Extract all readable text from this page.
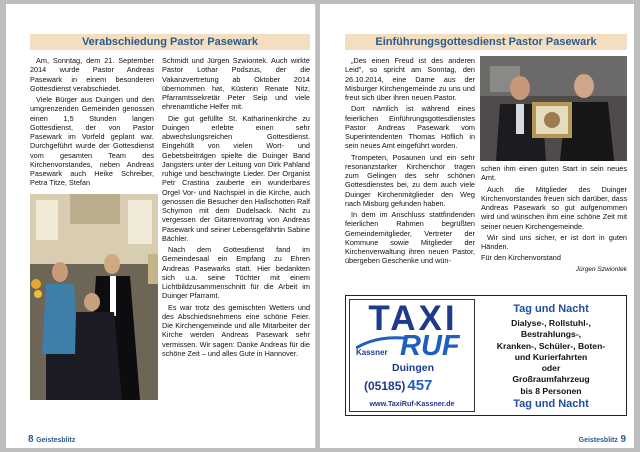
Verabschiedung Pastor Pasewark

Am, Sonntag, dem 21. September 2014 wurde Pastor Andreas Pasewark in einem besonderen Gottesdienst verabschiedet.

Viele Bürger aus Duingen und den umgrenzenden Gemeinden genossen einen 1,5 Stunden langen Gottesdienst, der von Pastor Pasewark im Vorfeld geplant war. Durchgeführt wurde der Gottesdienst vom gesamten Team des Kirchenvorstandes, neben Andreas Pasewark auch Heike Schreiber, Petra Titze, Stefan

Schmidt und Jürgen Szwiontek. Auch wirkte Pastor Lothar Podszus, der die Vakanzvertretung ab Oktober 2014 übernommen hat, Küsterin Renate Nitz, Pfarramtssekretär Peter Seip und viele ehrenamtliche Helfer mit.

Die gut gefüllte St. Katharinenkirche zu Duingen erlebte einen sehr abwechslungsreichen Gottesdienst. Eingehüllt von vielen Wort- und Gebetsbeiträgen spielte die Duinger Band Jangsters unter der Leitung von Dirk Pahland ruhige und beschwingte Lieder. Der Organist Petr Crastina zauberte ein wunderbares Orgel Vor- und Nachspiel in die Kirche, auch genossen die Besucher den Hallschotten Ralf Schymon mit dem Dudelsack. Nicht zu vergessen der Gitarrenvortrag von Andreas Pasewark und seiner Lebensgefährtin Sabine Bächler.

Nach dem Gottesdienst fand im Gemeindesaal ein Empfang zu Ehren Andreas Pasewarks statt. Hier bedankten sich u.a. seine Töchter mit einem Lichtbildzusammenschnitt für die Arbeit im Duinger Pfarramt.

Es war trotz des gemischten Wetters und des Abschiedsnehmens eine schöne Feier. Die Kirchengemeinde und alle Mitarbeiter der Kirche werden Andreas Pasewark sehr vermissen. Wir sagen: Danke Andreas für die schöne Zeit – und alles Gute in Hannover.

8 Geistesblitz
Einführungsgottesdienst Pastor Pasewark

„Des einen Freud ist des anderen Leid", so spricht am Sonntag, den 26.10.2014, eine Dame aus der Misburger Kirchengemeinde zu uns und freut sich über ihren neuen Pastor.

Dort nämlich ist während eines feierlichen Einführungsgottesdienstes Pastor Andreas Pasewark vom Superintendenten Thomas Höflich in sein neues Amt eingeführt worden.

Trompeten, Posaunen und ein sehr resonanzstarker Kirchenchor tragen zum Gelingen des sehr schönen Gottesdienstes bei, zu dem auch viele Duinger Kirchenmitglieder den Weg nach Misburg gefunden haben.

In dem im Anschluss stattfindenden feierlichen Rahmen begrüßten Gemeindemitglieder, Vertreter der Kommune sowie Mitglieder der Kirchenverwaltung ihren neuen Pastor, übergeben Geschenke und wün-

schen ihm einen guten Start in sein neues Amt.

Auch die Mitglieder des Duinger Kirchenvorstandes freuen sich darüber, dass Andreas Pasewark so gut aufgenommen wird und wünschen ihm eine schöne Zeit mit seiner neuen Kirchengemeinde.

Wir sind uns sicher, er ist dort in guten Händen.

Für den Kirchenvorstand

Jürgen Szwiontek
TAXI
RUF
Kassner
Duingen
(05185) 457
www.TaxiRuf-Kassner.de
Tag und Nacht
Dialyse-, Rollstuhl-,
Bestrahlungs-,
Kranken-, Schüler-, Boten-
und Kurierfahrten
oder
Großraumfahrzeug
bis 8 Personen
Tag und Nacht
Geistesblitz 9
